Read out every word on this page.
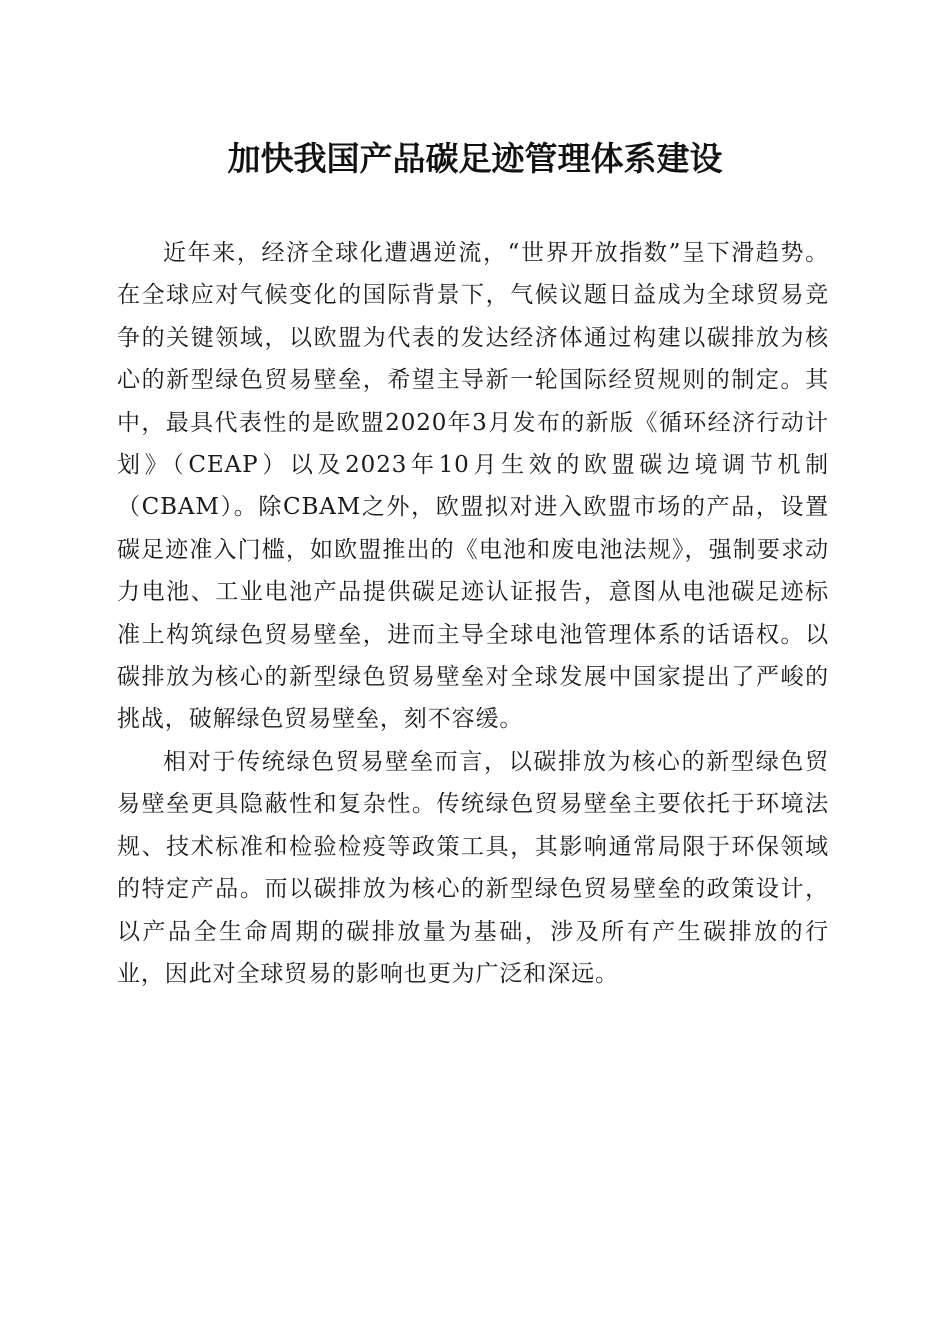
加快我国产品碳足迹管理体系建设

近年来，经济全球化遭遇逆流，“世界开放指数”呈下滑趋势。在全球应对气候变化的国际背景下，气候议题日益成为全球贸易竞争的关键领域，以欧盟为代表的发达经济体通过构建以碳排放为核心的新型绿色贸易壁垒，希望主导新一轮国际经贸规则的制定。其中，最具代表性的是欧盟2020年3月发布的新版《循环经济行动计划》（CEAP）以及2023年10月生效的欧盟碳边境调节机制（CBAM）。除CBAM之外，欧盟拟对进入欧盟市场的产品，设置碳足迹准入门槛，如欧盟推出的《电池和废电池法规》，强制要求动力电池、工业电池产品提供碳足迹认证报告，意图从电池碳足迹标准上构筑绿色贸易壁垒，进而主导全球电池管理体系的话语权。以碳排放为核心的新型绿色贸易壁垒对全球发展中国家提出了严峻的挑战，破解绿色贸易壁垒，刻不容缓。

相对于传统绿色贸易壁垒而言，以碳排放为核心的新型绿色贸易壁垒更具隐蔽性和复杂性。传统绿色贸易壁垒主要依托于环境法规、技术标准和检验检疫等政策工具，其影响通常局限于环保领域的特定产品。而以碳排放为核心的新型绿色贸易壁垒的政策设计，以产品全生命周期的碳排放量为基础，涉及所有产生碳排放的行业，因此对全球贸易的影响也更为广泛和深远。
